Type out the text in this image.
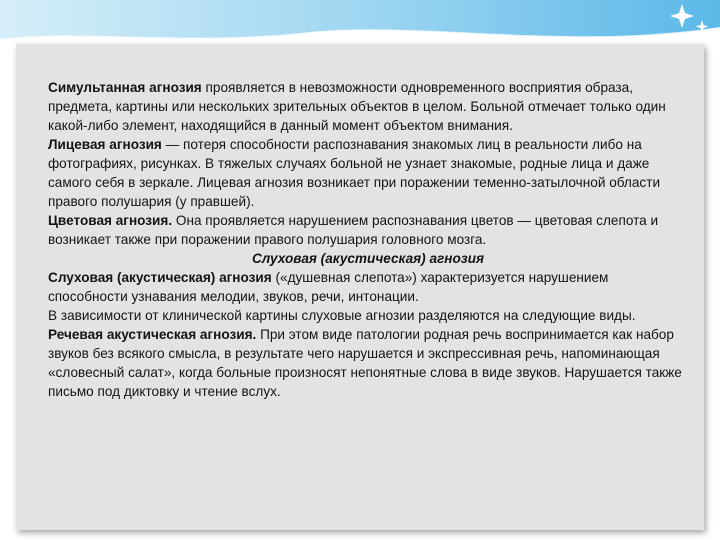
Симультанная агнозия проявляется в невозможности одновременного восприятия образа, предмета, картины или нескольких зрительных объектов в целом. Больной отмечает только один какой-либо элемент, находящийся в данный момент объектом внимания.

Лицевая агнозия — потеря способности распознавания знакомых лиц в реальности либо на фотографиях, рисунках. В тяжелых случаях больной не узнает знакомые, родные лица и даже самого себя в зеркале. Лицевая агнозия возникает при поражении теменно-затылочной области правого полушария (у правшей).

Цветовая агнозия. Она проявляется нарушением распознавания цветов — цветовая слепота и возникает также при поражении правого полушария головного мозга.

Слуховая (акустическая) агнозия

Слуховая (акустическая) агнозия («душевная слепота») характеризуется нарушением способности узнавания мелодии, звуков, речи, интонации.

В зависимости от клинической картины слуховые агнозии разделяются на следующие виды.

Речевая акустическая агнозия. При этом виде патологии родная речь воспринимается как набор звуков без всякого смысла, в результате чего нарушается и экспрессивная речь, напоминающая «словесный салат», когда больные произносят непонятные слова в виде звуков. Нарушается также письмо под диктовку и чтение вслух.
